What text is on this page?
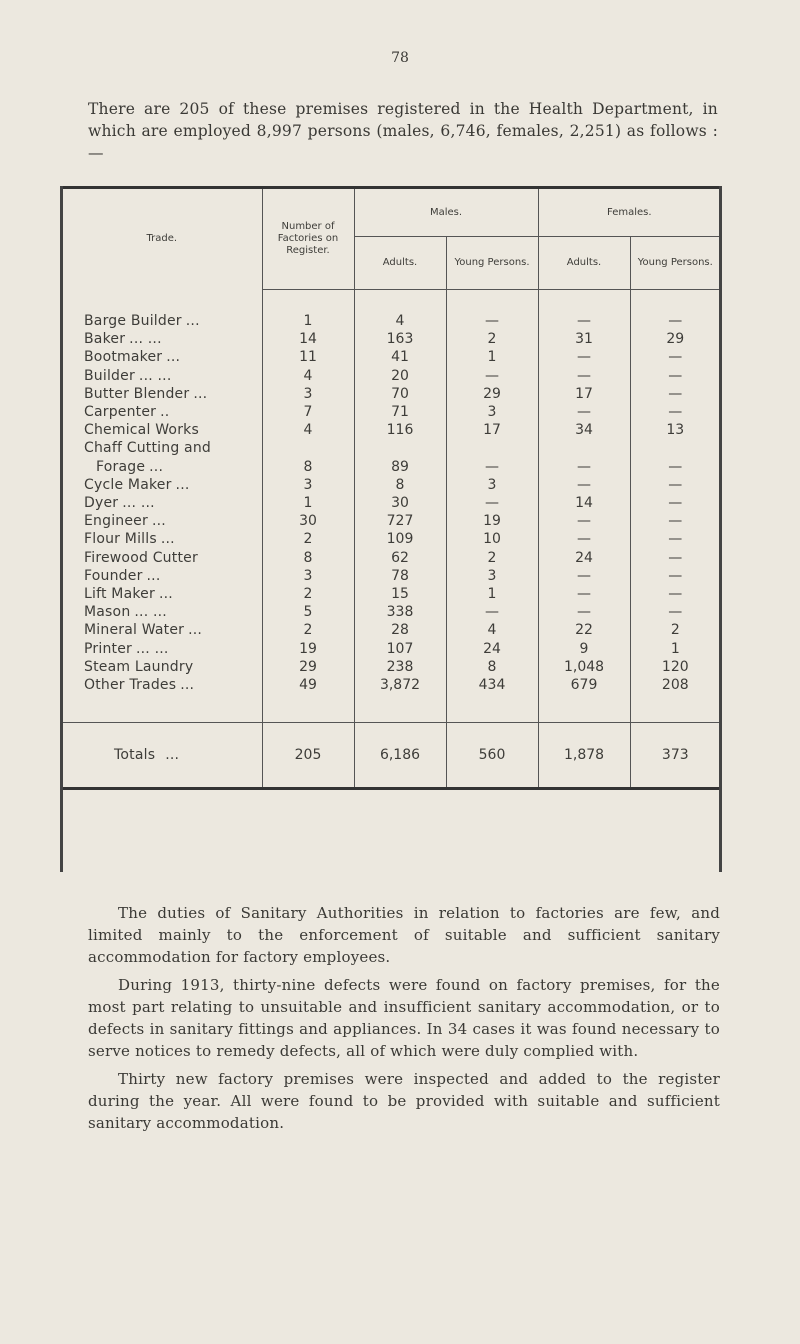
78
There are 205 of these premises registered in the Health Department, in which are employed 8,997 persons (males, 6,746, females, 2,251) as follows :—
Trade.	Number of Factories on Register.	Males.		Females.	
		Adults.	Young Persons.	Adults.	Young Persons.

Barge Builder ...	1	4	—	—	—
Baker ... ...	14	163	2	31	29
Bootmaker ...	11	41	1	—	—
Builder ... ...	4	20	—	—	—
Butter Blender ...	3	70	29	17	—
Carpenter ..	7	71	3	—	—
Chemical Works	4	116	17	34	13
Chaff Cutting and					
Forage ...	8	89	—	—	—
Cycle Maker ...	3	8	3	—	—
Dyer ... ...	1	30	—	14	—
Engineer ...	30	727	19	—	—
Flour Mills ...	2	109	10	—	—
Firewood Cutter	8	62	2	24	—
Founder ...	3	78	3	—	—
Lift Maker ...	2	15	1	—	—
Mason ... ...	5	338	—	—	—
Mineral Water ...	2	28	4	22	2
Printer ... ...	19	107	24	9	1
Steam Laundry	29	238	8	1,048	120
Other Trades ...	49	3,872	434	679	208

Totals ...	205	6,186	560	1,878	373
The duties of Sanitary Authorities in relation to factories are few, and limited mainly to the enforcement of suitable and sufficient sanitary accommodation for factory employees.
During 1913, thirty-nine defects were found on factory premises, for the most part relating to unsuitable and insufficient sanitary accommodation, or to defects in sanitary fittings and appliances. In 34 cases it was found necessary to serve notices to remedy defects, all of which were duly complied with.
Thirty new factory premises were inspected and added to the register during the year. All were found to be provided with suitable and sufficient sanitary accommodation.
